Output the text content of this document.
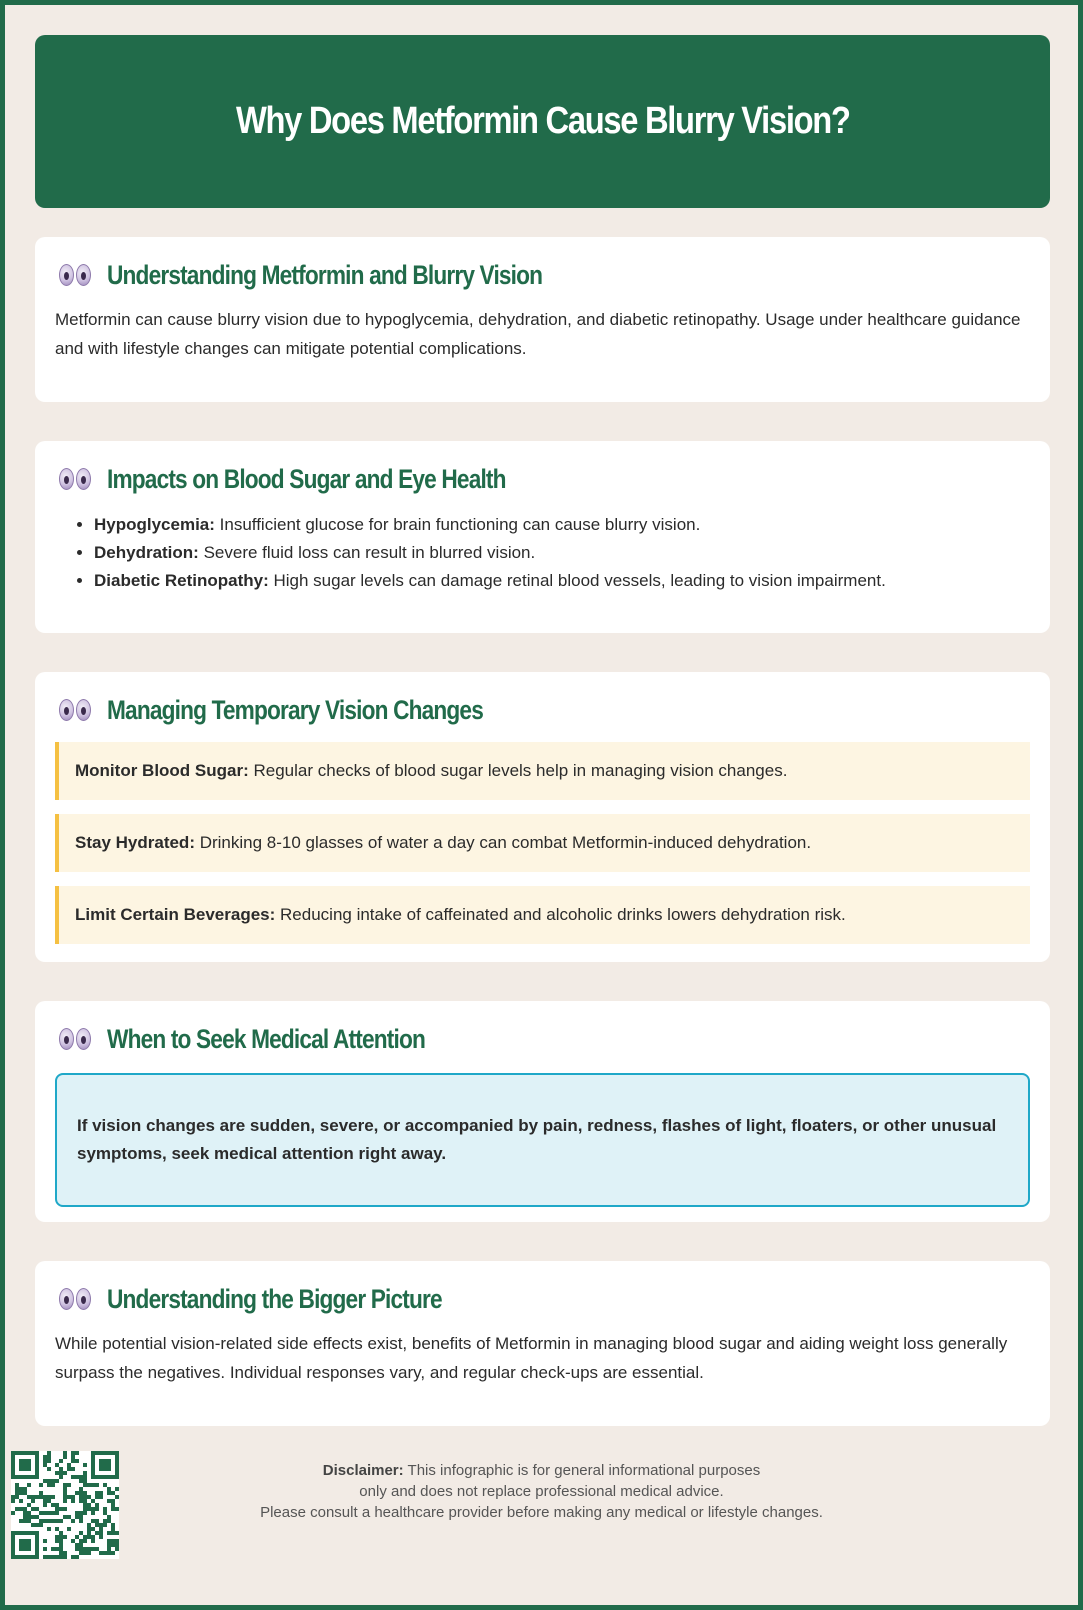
Why Does Metformin Cause Blurry Vision?
Understanding Metformin and Blurry Vision

Metformin can cause blurry vision due to hypoglycemia, dehydration, and diabetic retinopathy. Usage under healthcare guidance and with lifestyle changes can mitigate potential complications.

Impacts on Blood Sugar and Eye Health
• Hypoglycemia: Insufficient glucose for brain functioning can cause blurry vision.
• Dehydration: Severe fluid loss can result in blurred vision.
• Diabetic Retinopathy: High sugar levels can damage retinal blood vessels, leading to vision impairment.
Managing Temporary Vision Changes
Monitor Blood Sugar: Regular checks of blood sugar levels help in managing vision changes.
Stay Hydrated: Drinking 8-10 glasses of water a day can combat Metformin-induced dehydration.
Limit Certain Beverages: Reducing intake of caffeinated and alcoholic drinks lowers dehydration risk.
When to Seek Medical Attention
If vision changes are sudden, severe, or accompanied by pain, redness, flashes of light, floaters, or other unusual symptoms, seek medical attention right away.
Understanding the Bigger Picture

While potential vision-related side effects exist, benefits of Metformin in managing blood sugar and aiding weight loss generally surpass the negatives. Individual responses vary, and regular check-ups are essential.

Disclaimer: This infographic is for general informational purposes
only and does not replace professional medical advice.
Please consult a healthcare provider before making any medical or lifestyle changes.
